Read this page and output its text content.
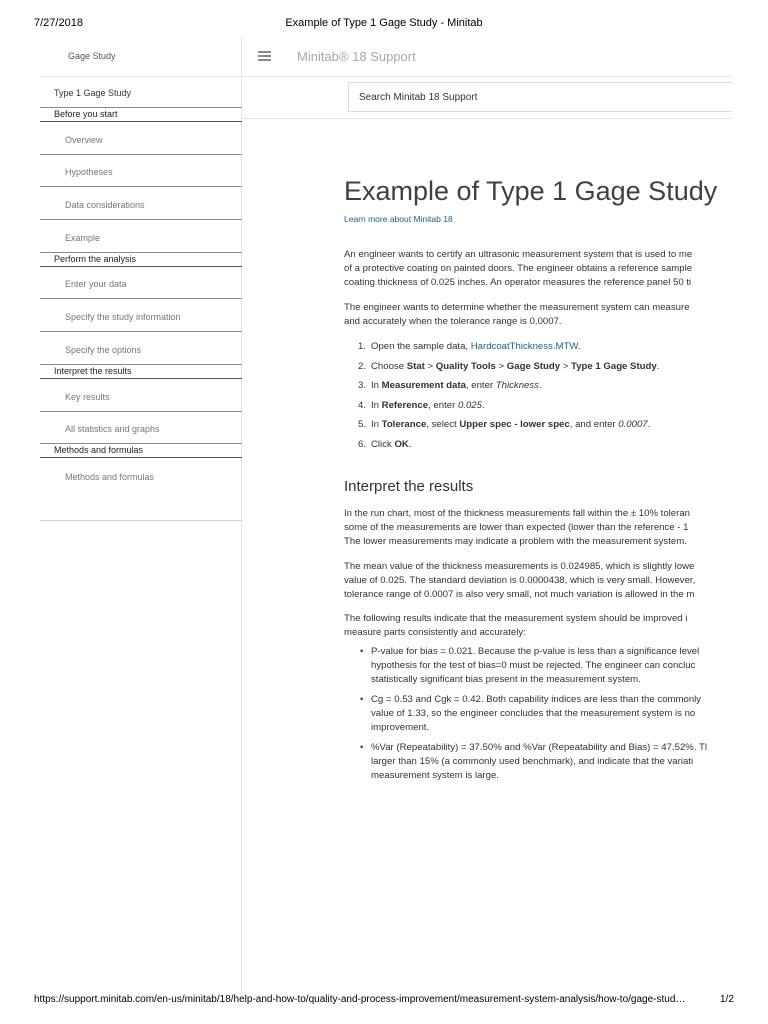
7/27/2018	Example of Type 1 Gage Study - Minitab
Gage Study
Type 1 Gage Study
Before you start
Overview
Hypotheses
Data considerations
Example
Perform the analysis
Enter your data
Specify the study information
Specify the options
Interpret the results
Key results
All statistics and graphs
Methods and formulas
Methods and formulas
Minitab® 18 Support
Search Minitab 18 Support
Example of Type 1 Gage Study
Learn more about Minitab 18

An engineer wants to certify an ultrasonic measurement system that is used to me

of a protective coating on painted doors. The engineer obtains a reference sample

coating thickness of 0.025 inches. An operator measures the reference panel 50 ti

The engineer wants to determine whether the measurement system can measure

and accurately when the tolerance range is 0.0007.

1. Open the sample data, HardcoatThickness.MTW.
2. Choose Stat > Quality Tools > Gage Study > Type 1 Gage Study.
3. In Measurement data, enter Thickness.
4. In Reference, enter 0.025.
5. In Tolerance, select Upper spec - lower spec, and enter 0.0007.
6. Click OK.
Interpret the results

In the run chart, most of the thickness measurements fall within the ± 10% toleran

some of the measurements are lower than expected (lower than the reference - 1

The lower measurements may indicate a problem with the measurement system.

The mean value of the thickness measurements is 0.024985, which is slightly lowe

value of 0.025. The standard deviation is 0.0000438, which is very small. However,

tolerance range of 0.0007 is also very small, not much variation is allowed in the m

The following results indicate that the measurement system should be improved i

measure parts consistently and accurately:

• P-value for bias = 0.021. Because the p-value is less than a significance level
hypothesis for the test of bias=0 must be rejected. The engineer can concluc
statistically significant bias present in the measurement system.
• Cg = 0.53 and Cgk = 0.42. Both capability indices are less than the commonly
value of 1.33, so the engineer concludes that the measurement system is no
improvement.
• %Var (Repeatability) = 37.50% and %Var (Repeatability and Bias) = 47.52%. Tl
larger than 15% (a commonly used benchmark), and indicate that the variati
measurement system is large.
https://support.minitab.com/en-us/minitab/18/help-and-how-to/quality-and-process-improvement/measurement-system-analysis/how-to/gage-stud…	1/2
